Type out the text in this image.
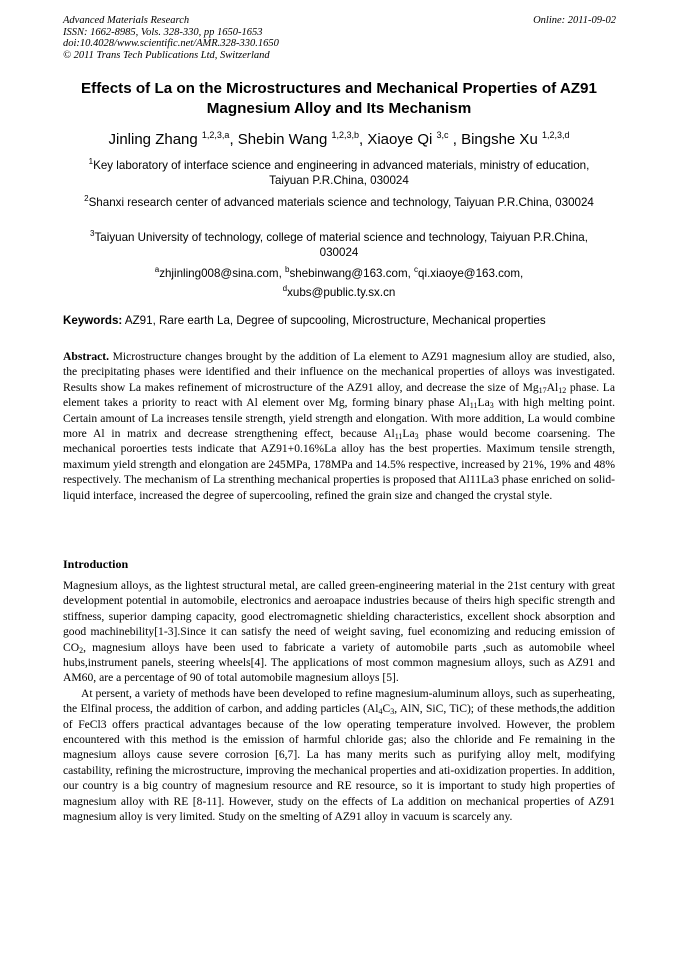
Advanced Materials Research
ISSN: 1662-8985, Vols. 328-330, pp 1650-1653
doi:10.4028/www.scientific.net/AMR.328-330.1650
© 2011 Trans Tech Publications Ltd, Switzerland
Online: 2011-09-02
Effects of La on the Microstructures and Mechanical Properties of AZ91
Magnesium Alloy and Its Mechanism
Jinling Zhang $^{1,2,3,a}$, Shebin Wang $^{1,2,3,b}$, Xiaoye Qi $^{3,c}$ , Bingshe Xu $^{1,2,3,d}$
$^1$Key laboratory of interface science and engineering in advanced materials, ministry of education, Taiyuan P.R.China, 030024
$^2$Shanxi research center of advanced materials science and technology, Taiyuan P.R.China, 030024
$^3$Taiyuan University of technology, college of material science and technology, Taiyuan P.R.China, 030024
$^a$zhjinling008@sina.com, $^b$shebinwang@163.com, $^c$qi.xiaoye@163.com,
$^d$xubs@public.ty.sx.cn
Keywords: AZ91, Rare earth La, Degree of supcooling, Microstructure, Mechanical properties

Abstract. Microstructure changes brought by the addition of La element to AZ91 magnesium alloy are studied, also, the precipitating phases were identified and their influence on the mechanical properties of alloys was investigated. Results show La makes refinement of microstructure of the AZ91 alloy, and decrease the size of $Mg_{17}Al_{12}$ phase. La element takes a priority to react with Al element over Mg, forming binary phase $Al_{11}La_3$ with high melting point. Certain amount of La increases tensile strength, yield strength and elongation. With more addition, La would combine more Al in matrix and decrease strengthening effect, because $Al_{11}La_3$ phase would become coarsening. The mechanical poroerties tests indicate that AZ91+0.16%La alloy has the best properties. Maximum tensile strength, maximum yield strength and elongation are 245MPa, 178MPa and 14.5% respective, increased by 21%, 19% and 48% respectively. The mechanism of La strenthing mechanical properties is proposed that Al11La3 phase enriched on solid-liquid interface, increased the degree of supercooling, refined the grain size and changed the crystal style.

Introduction

Magnesium alloys, as the lightest structural metal, are called green-engineering material in the 21st century with great development potential in automobile, electronics and aeroapace industries because of theirs high specific strength and stiffness, superior damping capacity, good electromagnetic shielding characteristics, excellent shock absorption and good machinebility[1-3].Since it can satisfy the need of weight saving, fuel economizing and reducing emission of $CO_2$, magnesium alloys have been used to fabricate a variety of automobile parts ,such as automobile wheel hubs,instrument panels, steering wheels[4]. The applications of most common magnesium alloys, such as AZ91 and AM60, are a percentage of 90 of total automobile magnesium alloys [5].

At persent, a variety of methods have been developed to refine magnesium-aluminum alloys, such as superheating, the Elfinal process, the addition of carbon, and adding particles ($Al_4C_3$, AlN, SiC, TiC); of these methods,the addition of FeCl3 offers practical advantages because of the low operating temperature involved. However, the problem encountered with this method is the emission of harmful chloride gas; also the chloride and Fe remaining in the magnesium alloys cause severe corrosion [6,7]. La has many merits such as purifying alloy melt, modifying castability, refining the microstructure, improving the mechanical properties and ati-oxidization properties. In addition, our country is a big country of magnesium resource and RE resource, so it is important to study high properties of magnesium alloy with RE [8-11]. However, study on the effects of La addition on mechanical properties of AZ91 magnesium alloy is very limited. Study on the smelting of AZ91 alloy in vacuum is scarcely any.
